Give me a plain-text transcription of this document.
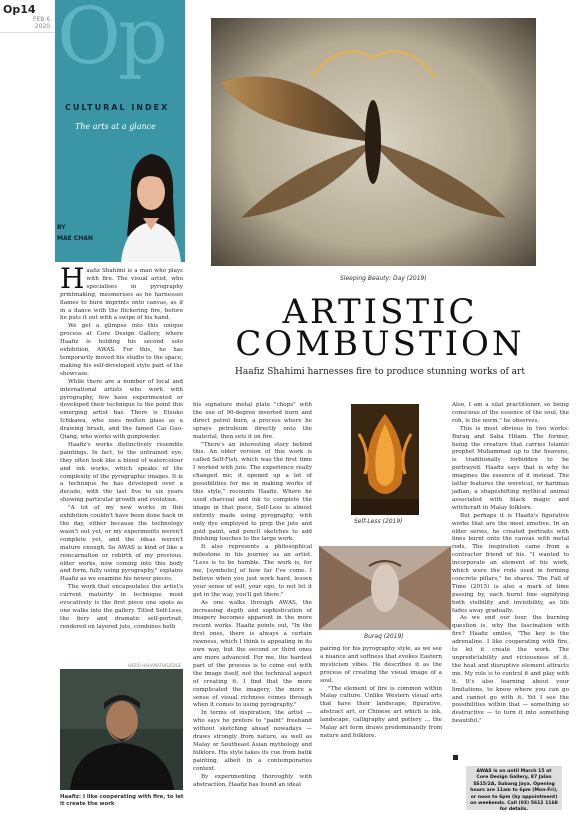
Op14
FEB 6
2020 Op
CULTURAL INDEX
The arts at a glance
BY
MAE CHAN
Sleeping Beauty: Day (2019)
ARTISTIC
COMBUSTION
Haafiz Shahimi harnesses fire to produce stunning works of art
H aafiz Shahimi is a man who plays with fire. The visual artist, who specialises in pyrography printmaking, mesmerises as he harnesses flames to burn imprints onto canvas, as if in a dance with the flickering fire, before he puts it out with a swipe of his hand.

We get a glimpse into this unique process at Core Design Gallery, where Haafiz is holding his second solo exhibition, AWAS. For this, he has temporarily moved his studio to the space, making his self-developed style part of the showcase.

While there are a number of local and international artists who work with pyrography, few have experimented or developed their technique to the point this emerging artist has. There is Etsuko Ichikawa, who uses molten glass as a drawing brush, and the famed Cai Guo-Qiang, who works with gunpowder.

Haafiz's works distinctively resemble paintings. In fact, to the untrained eye, they often look like a blend of watercolour and ink works, which speaks of the complexity of the pyrographic images. It is a technique he has developed over a decade, with the last five to six years showing particular growth and evolution.

"A lot of my new works in this exhibition couldn't have been done back in the day, either because the technology wasn't out yet, or my experiments weren't complete yet, and the ideas weren't mature enough. So AWAS is kind of like a reincarnation or rebirth of my previous, older works, now coming into this body and form, fully using pyrography," explains Haafiz as we examine his newer pieces.

The work that encapsulates the artist's current maturity in technique most evocatively is the first piece one spots as one walks into the gallery. Titled Self-Less, the fiery and dramatic self-portrait, rendered on layered jute, combines both

HAZIQ HAHAMATHIS/EDGE
Haafiz: I like cooperating with fire, to let it create the work

his signature metal plate "chops" with the use of 90-degree inverted burn and direct petrol burn, a process where he sprays petroleum directly onto the material, then sets it on fire.

"There's an interesting story behind this. An older version of this work is called Self-Fish, which was the first time I worked with jute. The experience really changed me; it opened up a lot of possibilities for me in making works of this style," recounts Haafiz. Where he used charcoal and ink to complete the image in that piece, Self-Less is almost entirely made using pyrography, with only dye employed to prep the jute and gold paint, and pencil sketches to add finishing touches to the large work.

It also represents a philosophical milestone in his journey as an artist. "Less is to be humble. The work is, for me, [symbolic] of how far I've come. I believe when you just work hard, lessen your sense of self, your ego, to not let it get in the way, you'll get there."

As one walks through AWAS, the increasing depth and sophistication of imagery becomes apparent in the more recent works. Haafiz points out, "In the first ones, there is always a certain rawness, which I think is appealing in its own way, but the second or third ones are more advanced. For me, the hardest part of the process is to come out with the image itself, not the technical aspect of creating it. I find that the more complicated the imagery, the more a sense of visual richness comes through when it comes to using pyrography."

In terms of inspiration, the artist — who says he prefers to "paint" freehand without sketching ahead nowadays — draws strongly from nature, as well as Malay or Southeast Asian mythology and folklore. His style takes its cue from batik painting, albeit in a contemporaries context.

By experimenting thoroughly with abstraction, Haafiz has found an ideal

Self-Less (2019)
Buraq (2019)

pairing for his pyrography style, as we see a nuance and softness that evokes Eastern mysticism vibes. He describes it as the process of creating the visual image of a soul.

"The element of fire is common within Malay culture. Unlike Western visual arts that have their landscape, figurative, abstract art, or Chinese art which is ink, landscape, calligraphy and pottery ... the Malay art form draws predominantly from nature and folklore.

Also, I am a silat practitioner, so being conscious of the essence of the soul, the roh, is the norm," he observes.

This is most obvious in two works: Buraq and Saba Hitam. The former, being the creature that carries Islamic prophet Muhammad up to the heavens, is traditionally forbidden to be portrayed. Haafiz says that is why he imagines the essence of it instead. The latter features the weretcat, or harimau jadian, a shapeshifting mythical animal associated with black magic and witchcraft in Malay folklore.

But perhaps it is Haafiz's figurative works that are the most emotive. In an older series, he created portraits with lines burnt onto the canvas with metal rods. The inspiration came from a contractor friend of his. "I wanted to incorporate an element of his work, which were the rods used in forming concrete pillars," he shares. The Fall of Time (2015) is also a mark of time passing by, each burnt line signifying both visibility and invisibility, as life fades away gradually.

As we end our tour, the burning question is, why the fascination with fire? Haafiz smiles, "The key is the adrenaline. I like cooperating with fire, to let it create the work. The unpredictability and viciousness of it, the heat and disruptive element attracts me. My role is to control it and play with it. It's also learning about your limitations, to know where you can go and cannot go with it. Yet I see the possibilities within that — something so destructive — to turn it into something beautiful."

AWAS is on until March 15 at Core Design Gallery, 87 Jalan SS15/2A, Subang Jaya. Opening hours are 11am to 6pm (Mon-Fri), or noon to 6pm (by appointment) on weekends. Call (03) 5612 1168 for details.
